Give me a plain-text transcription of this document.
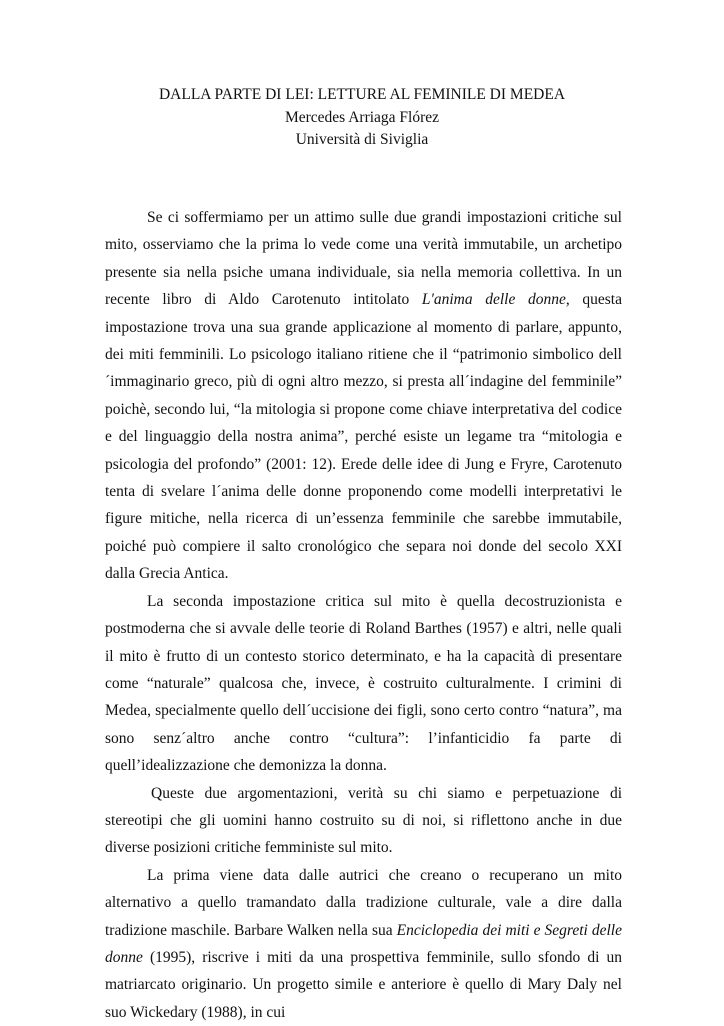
DALLA PARTE DI LEI: LETTURE AL FEMINILE DI MEDEA
Mercedes Arriaga Flórez
Università di Siviglia

Se ci soffermiamo per un attimo sulle due grandi impostazioni critiche sul mito, osserviamo che la prima lo vede come una verità immutabile, un archetipo presente sia nella psiche umana individuale, sia nella memoria collettiva. In un recente libro di Aldo Carotenuto intitolato L'anima delle donne, questa impostazione trova una sua grande applicazione al momento di parlare, appunto, dei miti femminili. Lo psicologo italiano ritiene che il “patrimonio simbolico dell´immaginario greco, più di ogni altro mezzo, si presta all´indagine del femminile” poichè, secondo lui, “la mitologia si propone come chiave interpretativa del codice e del linguaggio della nostra anima”, perché esiste un legame tra “mitologia e psicologia del profondo” (2001: 12). Erede delle idee di Jung e Fryre, Carotenuto tenta di svelare l´anima delle donne proponendo come modelli interpretativi le figure mitiche, nella ricerca di un’essenza femminile che sarebbe immutabile, poiché può compiere il salto cronológico che separa noi donde del secolo XXI dalla Grecia Antica.

La seconda impostazione critica sul mito è quella decostruzionista e postmoderna che si avvale delle teorie di Roland Barthes (1957) e altri, nelle quali il mito è frutto di un contesto storico determinato, e ha la capacità di presentare come “naturale” qualcosa che, invece, è costruito culturalmente. I crimini di Medea, specialmente quello dell´uccisione dei figli, sono certo contro “natura”, ma sono senz´altro anche contro “cultura”: l’infanticidio fa parte di quell’idealizzazione che demonizza la donna.

Queste due argomentazioni, verità su chi siamo e perpetuazione di stereotipi che gli uomini hanno costruito su di noi, si riflettono anche in due diverse posizioni critiche femministe sul mito.

La prima viene data dalle autrici che creano o recuperano un mito alternativo a quello tramandato dalla tradizione culturale, vale a dire dalla tradizione maschile. Barbare Walken nella sua Enciclopedia dei miti e Segreti delle donne (1995), riscrive i miti da una prospettiva femminile, sullo sfondo di un matriarcato originario. Un progetto simile e anteriore è quello di Mary Daly nel suo Wickedary (1988), in cui
